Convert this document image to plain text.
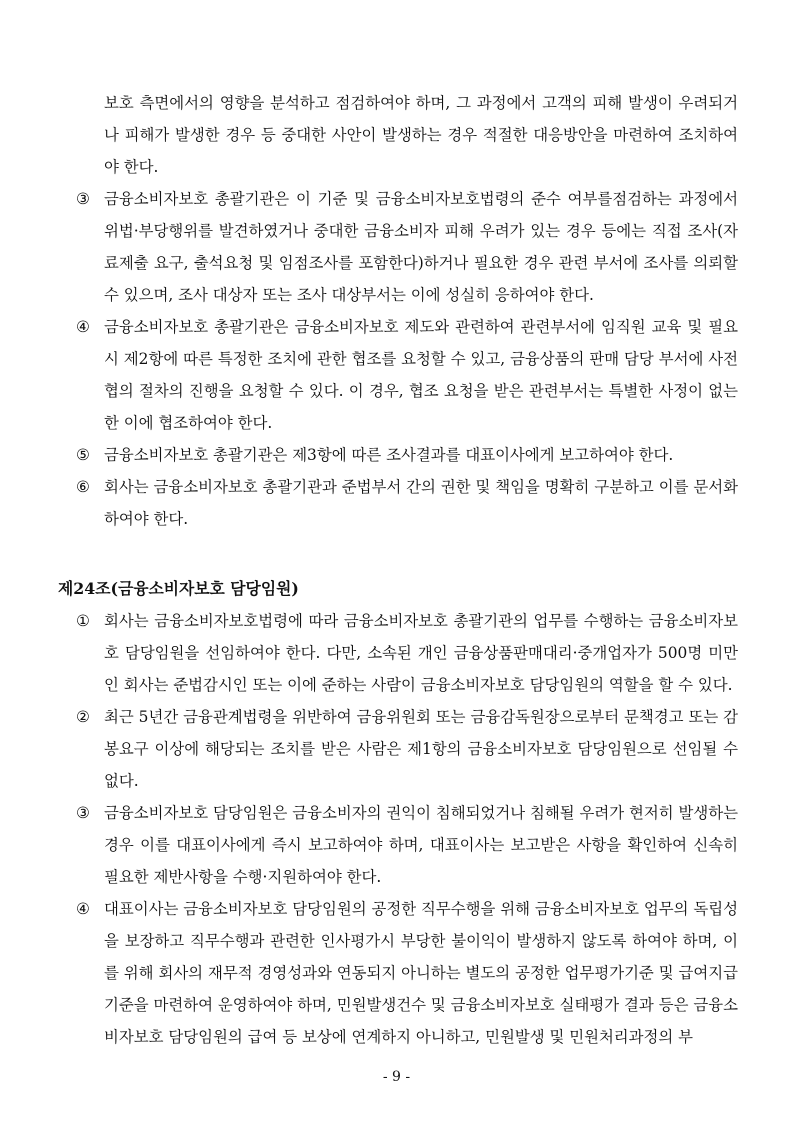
보호 측면에서의 영향을 분석하고 점검하여야 하며, 그 과정에서 고객의 피해 발생이 우려되거나 피해가 발생한 경우 등 중대한 사안이 발생하는 경우 적절한 대응방안을 마련하여 조치하여야 한다.

③ 금융소비자보호 총괄기관은 이 기준 및 금융소비자보호법령의 준수 여부를점검하는 과정에서 위법·부당행위를 발견하였거나 중대한 금융소비자 피해 우려가 있는 경우 등에는 직접 조사(자료제출 요구, 출석요청 및 임점조사를 포함한다)하거나 필요한 경우 관련 부서에 조사를 의뢰할 수 있으며, 조사 대상자 또는 조사 대상부서는 이에 성실히 응하여야 한다.

④ 금융소비자보호 총괄기관은 금융소비자보호 제도와 관련하여 관련부서에 임직원 교육 및 필요 시 제2항에 따른 특정한 조치에 관한 협조를 요청할 수 있고, 금융상품의 판매 담당 부서에 사전협의 절차의 진행을 요청할 수 있다. 이 경우, 협조 요청을 받은 관련부서는 특별한 사정이 없는 한 이에 협조하여야 한다.

⑤ 금융소비자보호 총괄기관은 제3항에 따른 조사결과를 대표이사에게 보고하여야 한다.

⑥ 회사는 금융소비자보호 총괄기관과 준법부서 간의 권한 및 책임을 명확히 구분하고 이를 문서화하여야 한다.

제24조(금융소비자보호 담당임원)

① 회사는 금융소비자보호법령에 따라 금융소비자보호 총괄기관의 업무를 수행하는 금융소비자보호 담당임원을 선임하여야 한다. 다만, 소속된 개인 금융상품판매대리·중개업자가 500명 미만인 회사는 준법감시인 또는 이에 준하는 사람이 금융소비자보호 담당임원의 역할을 할 수 있다.

② 최근 5년간 금융관계법령을 위반하여 금융위원회 또는 금융감독원장으로부터 문책경고 또는 감봉요구 이상에 해당되는 조치를 받은 사람은 제1항의 금융소비자보호 담당임원으로 선임될 수 없다.

③ 금융소비자보호 담당임원은 금융소비자의 권익이 침해되었거나 침해될 우려가 현저히 발생하는 경우 이를 대표이사에게 즉시 보고하여야 하며, 대표이사는 보고받은 사항을 확인하여 신속히 필요한 제반사항을 수행·지원하여야 한다.

④ 대표이사는 금융소비자보호 담당임원의 공정한 직무수행을 위해 금융소비자보호 업무의 독립성을 보장하고 직무수행과 관련한 인사평가시 부당한 불이익이 발생하지 않도록 하여야 하며, 이를 위해 회사의 재무적 경영성과와 연동되지 아니하는 별도의 공정한 업무평가기준 및 급여지급기준을 마련하여 운영하여야 하며, 민원발생건수 및 금융소비자보호 실태평가 결과 등은 금융소비자보호 담당임원의 급여 등 보상에 연계하지 아니하고, 민원발생 및 민원처리과정의 부

- 9 -
